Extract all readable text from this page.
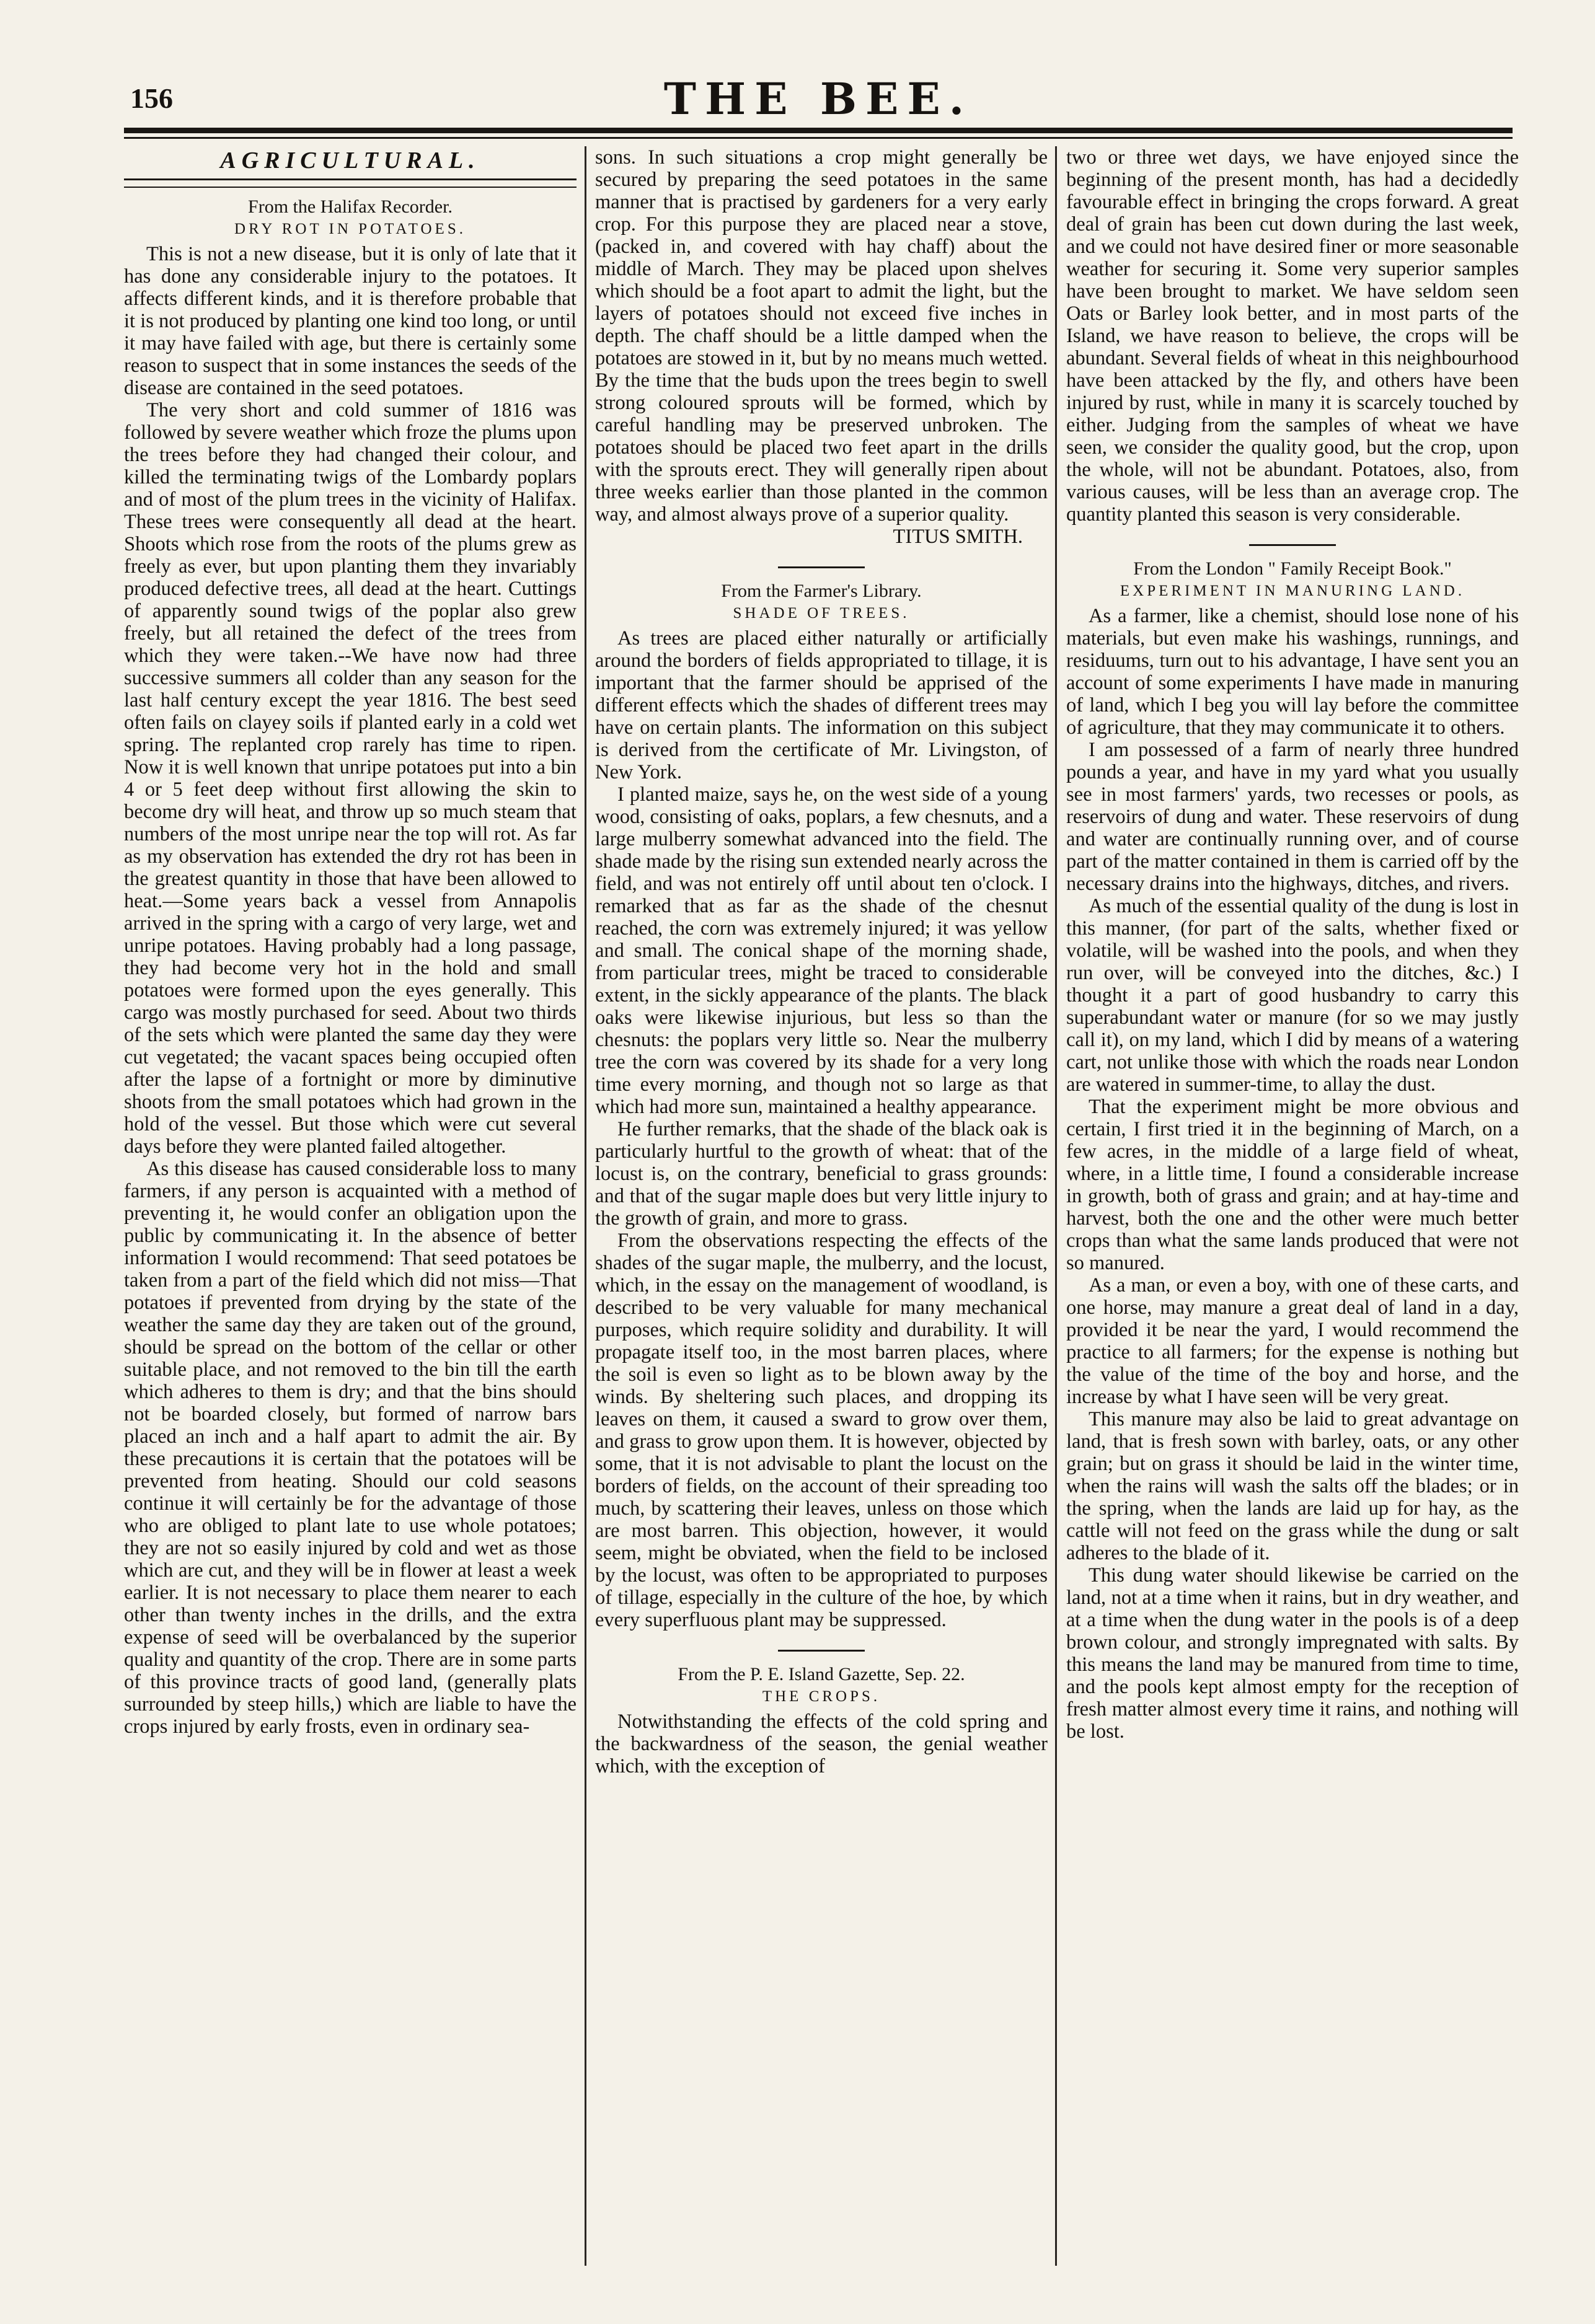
156	THE BEE.
AGRICULTURAL.
From the Halifax Recorder.
DRY ROT IN POTATOES.

This is not a new disease, but it is only of late that it has done any considerable injury to the potatoes. It affects different kinds, and it is therefore probable that it is not produced by planting one kind too long, or until it may have failed with age, but there is certainly some reason to suspect that in some instances the seeds of the disease are contained in the seed potatoes.

The very short and cold summer of 1816 was followed by severe weather which froze the plums upon the trees before they had changed their colour, and killed the terminating twigs of the Lombardy poplars and of most of the plum trees in the vicinity of Halifax. These trees were consequently all dead at the heart. Shoots which rose from the roots of the plums grew as freely as ever, but upon planting them they invariably produced defective trees, all dead at the heart. Cuttings of apparently sound twigs of the poplar also grew freely, but all retained the defect of the trees from which they were taken.--We have now had three successive summers all colder than any season for the last half century except the year 1816. The best seed often fails on clayey soils if planted early in a cold wet spring. The replanted crop rarely has time to ripen. Now it is well known that unripe potatoes put into a bin 4 or 5 feet deep without first allowing the skin to become dry will heat, and throw up so much steam that numbers of the most unripe near the top will rot. As far as my observation has extended the dry rot has been in the greatest quantity in those that have been allowed to heat.—Some years back a vessel from Annapolis arrived in the spring with a cargo of very large, wet and unripe potatoes. Having probably had a long passage, they had become very hot in the hold and small potatoes were formed upon the eyes generally. This cargo was mostly purchased for seed. About two thirds of the sets which were planted the same day they were cut vegetated; the vacant spaces being occupied often after the lapse of a fortnight or more by diminutive shoots from the small potatoes which had grown in the hold of the vessel. But those which were cut several days before they were planted failed altogether.

As this disease has caused considerable loss to many farmers, if any person is acquainted with a method of preventing it, he would confer an obligation upon the public by communicating it. In the absence of better information I would recommend: That seed potatoes be taken from a part of the field which did not miss—That potatoes if prevented from drying by the state of the weather the same day they are taken out of the ground, should be spread on the bottom of the cellar or other suitable place, and not removed to the bin till the earth which adheres to them is dry; and that the bins should not be boarded closely, but formed of narrow bars placed an inch and a half apart to admit the air. By these precautions it is certain that the potatoes will be prevented from heating. Should our cold seasons continue it will certainly be for the advantage of those who are obliged to plant late to use whole potatoes; they are not so easily injured by cold and wet as those which are cut, and they will be in flower at least a week earlier. It is not necessary to place them nearer to each other than twenty inches in the drills, and the extra expense of seed will be overbalanced by the superior quality and quantity of the crop. There are in some parts of this province tracts of good land, (generally plats surrounded by steep hills,) which are liable to have the crops injured by early frosts, even in ordinary sea-

sons. In such situations a crop might generally be secured by preparing the seed potatoes in the same manner that is practised by gardeners for a very early crop. For this purpose they are placed near a stove, (packed in, and covered with hay chaff) about the middle of March. They may be placed upon shelves which should be a foot apart to admit the light, but the layers of potatoes should not exceed five inches in depth. The chaff should be a little damped when the potatoes are stowed in it, but by no means much wetted. By the time that the buds upon the trees begin to swell strong coloured sprouts will be formed, which by careful handling may be preserved unbroken. The potatoes should be placed two feet apart in the drills with the sprouts erect. They will generally ripen about three weeks earlier than those planted in the common way, and almost always prove of a superior quality.

TITUS SMITH.
From the Farmer's Library.
SHADE OF TREES.

As trees are placed either naturally or artificially around the borders of fields appropriated to tillage, it is important that the farmer should be apprised of the different effects which the shades of different trees may have on certain plants. The information on this subject is derived from the certificate of Mr. Livingston, of New York.

I planted maize, says he, on the west side of a young wood, consisting of oaks, poplars, a few chesnuts, and a large mulberry somewhat advanced into the field. The shade made by the rising sun extended nearly across the field, and was not entirely off until about ten o'clock. I remarked that as far as the shade of the chesnut reached, the corn was extremely injured; it was yellow and small. The conical shape of the morning shade, from particular trees, might be traced to considerable extent, in the sickly appearance of the plants. The black oaks were likewise injurious, but less so than the chesnuts: the poplars very little so. Near the mulberry tree the corn was covered by its shade for a very long time every morning, and though not so large as that which had more sun, maintained a healthy appearance.

He further remarks, that the shade of the black oak is particularly hurtful to the growth of wheat: that of the locust is, on the contrary, beneficial to grass grounds: and that of the sugar maple does but very little injury to the growth of grain, and more to grass.

From the observations respecting the effects of the shades of the sugar maple, the mulberry, and the locust, which, in the essay on the management of woodland, is described to be very valuable for many mechanical purposes, which require solidity and durability. It will propagate itself too, in the most barren places, where the soil is even so light as to be blown away by the winds. By sheltering such places, and dropping its leaves on them, it caused a sward to grow over them, and grass to grow upon them. It is however, objected by some, that it is not advisable to plant the locust on the borders of fields, on the account of their spreading too much, by scattering their leaves, unless on those which are most barren. This objection, however, it would seem, might be obviated, when the field to be inclosed by the locust, was often to be appropriated to purposes of tillage, especially in the culture of the hoe, by which every superfluous plant may be suppressed.

From the P. E. Island Gazette, Sep. 22.
THE CROPS.

Notwithstanding the effects of the cold spring and the backwardness of the season, the genial weather which, with the exception of

two or three wet days, we have enjoyed since the beginning of the present month, has had a decidedly favourable effect in bringing the crops forward. A great deal of grain has been cut down during the last week, and we could not have desired finer or more seasonable weather for securing it. Some very superior samples have been brought to market. We have seldom seen Oats or Barley look better, and in most parts of the Island, we have reason to believe, the crops will be abundant. Several fields of wheat in this neighbourhood have been attacked by the fly, and others have been injured by rust, while in many it is scarcely touched by either. Judging from the samples of wheat we have seen, we consider the quality good, but the crop, upon the whole, will not be abundant. Potatoes, also, from various causes, will be less than an average crop. The quantity planted this season is very considerable.

From the London " Family Receipt Book."
EXPERIMENT IN MANURING LAND.

As a farmer, like a chemist, should lose none of his materials, but even make his washings, runnings, and residuums, turn out to his advantage, I have sent you an account of some experiments I have made in manuring of land, which I beg you will lay before the committee of agriculture, that they may communicate it to others.

I am possessed of a farm of nearly three hundred pounds a year, and have in my yard what you usually see in most farmers' yards, two recesses or pools, as reservoirs of dung and water. These reservoirs of dung and water are continually running over, and of course part of the matter contained in them is carried off by the necessary drains into the highways, ditches, and rivers.

As much of the essential quality of the dung is lost in this manner, (for part of the salts, whether fixed or volatile, will be washed into the pools, and when they run over, will be conveyed into the ditches, &c.) I thought it a part of good husbandry to carry this superabundant water or manure (for so we may justly call it), on my land, which I did by means of a watering cart, not unlike those with which the roads near London are watered in summer-time, to allay the dust.

That the experiment might be more obvious and certain, I first tried it in the beginning of March, on a few acres, in the middle of a large field of wheat, where, in a little time, I found a considerable increase in growth, both of grass and grain; and at hay-time and harvest, both the one and the other were much better crops than what the same lands produced that were not so manured.

As a man, or even a boy, with one of these carts, and one horse, may manure a great deal of land in a day, provided it be near the yard, I would recommend the practice to all farmers; for the expense is nothing but the value of the time of the boy and horse, and the increase by what I have seen will be very great.

This manure may also be laid to great advantage on land, that is fresh sown with barley, oats, or any other grain; but on grass it should be laid in the winter time, when the rains will wash the salts off the blades; or in the spring, when the lands are laid up for hay, as the cattle will not feed on the grass while the dung or salt adheres to the blade of it.

This dung water should likewise be carried on the land, not at a time when it rains, but in dry weather, and at a time when the dung water in the pools is of a deep brown colour, and strongly impregnated with salts. By this means the land may be manured from time to time, and the pools kept almost empty for the reception of fresh matter almost every time it rains, and nothing will be lost.
